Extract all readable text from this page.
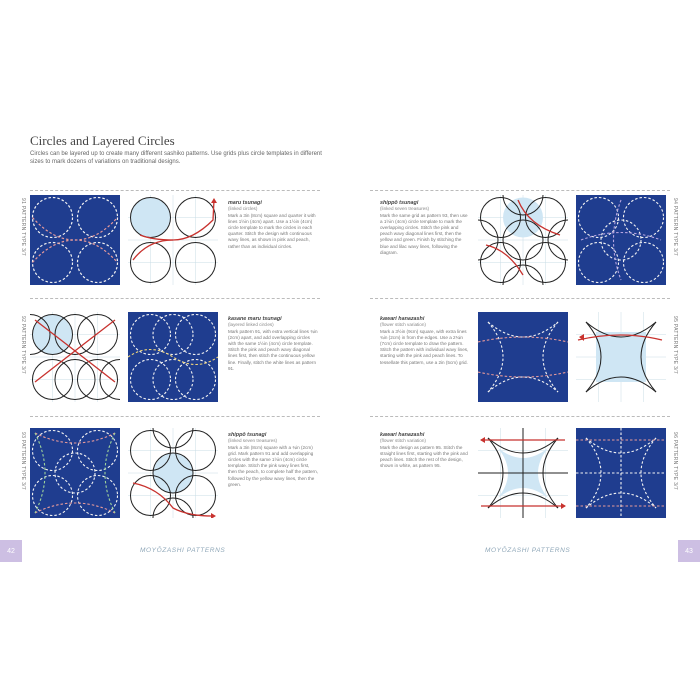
Circles and Layered Circles
Circles can be layered up to create many different sashiko patterns. Use grids plus circle templates in different sizes to mark dozens of variations on traditional designs.
91 PATTERN TYPE 3/7	maru tsunagi
(linked circles)
Mark a 3in (8cm) square and quarter it with lines 1½in (4cm) apart. Use a 1½in (4cm) circle template to mark the circles in each quarter. Stitch the design with continuous wavy lines, as shown in pink and peach, rather than as individual circles.
92 PATTERN TYPE 3/7	kasane maru tsunagi
(layered linked circles)
Mark pattern 91, with extra vertical lines ¾in (2cm) apart, and add overlapping circles with the same 1½in (4cm) circle template. Stitch the pink and peach wavy diagonal lines first, then stitch the continuous yellow line. Finally, stitch the white lines as pattern 91.
93 PATTERN TYPE 3/7	shippō tsunagi
(linked seven treasures)
Mark a 3in (8cm) square with a ¾in (2cm) grid. Mark pattern 91 and add overlapping circles with the same 1½in (4cm) circle template. Stitch the pink wavy lines first, then the peach, to complete half the pattern, followed by the yellow wavy lines, then the green.
shippō tsunagi
(linked seven treasures)
Mark the same grid as pattern 93, then use a 1½in (4cm) circle template to mark the overlapping circles. Stitch the pink and peach wavy diagonal lines first, then the yellow and green. Finish by stitching the blue and lilac wavy lines, following the diagram.	94 PATTERN TYPE 3/7
kawari hanazashi
(flower stitch variation)
Mark a 3½in (9cm) square, with extra lines ¾in (2cm) in from the edges. Use a 2¾in (7cm) circle template to draw the pattern. Stitch the pattern with individual wavy lines, starting with the pink and peach lines. To tessellate this pattern, use a 2in (5cm) grid.	95 PATTERN TYPE 3/7
kawari hanazashi
(flower stitch variation)
Mark the design as pattern 95. Stitch the straight lines first, starting with the pink and peach lines. Stitch the rest of the design, shown in white, as pattern 95.	96 PATTERN TYPE 3/7
42	MOYŌZASHI PATTERNS	MOYŌZASHI PATTERNS	43
